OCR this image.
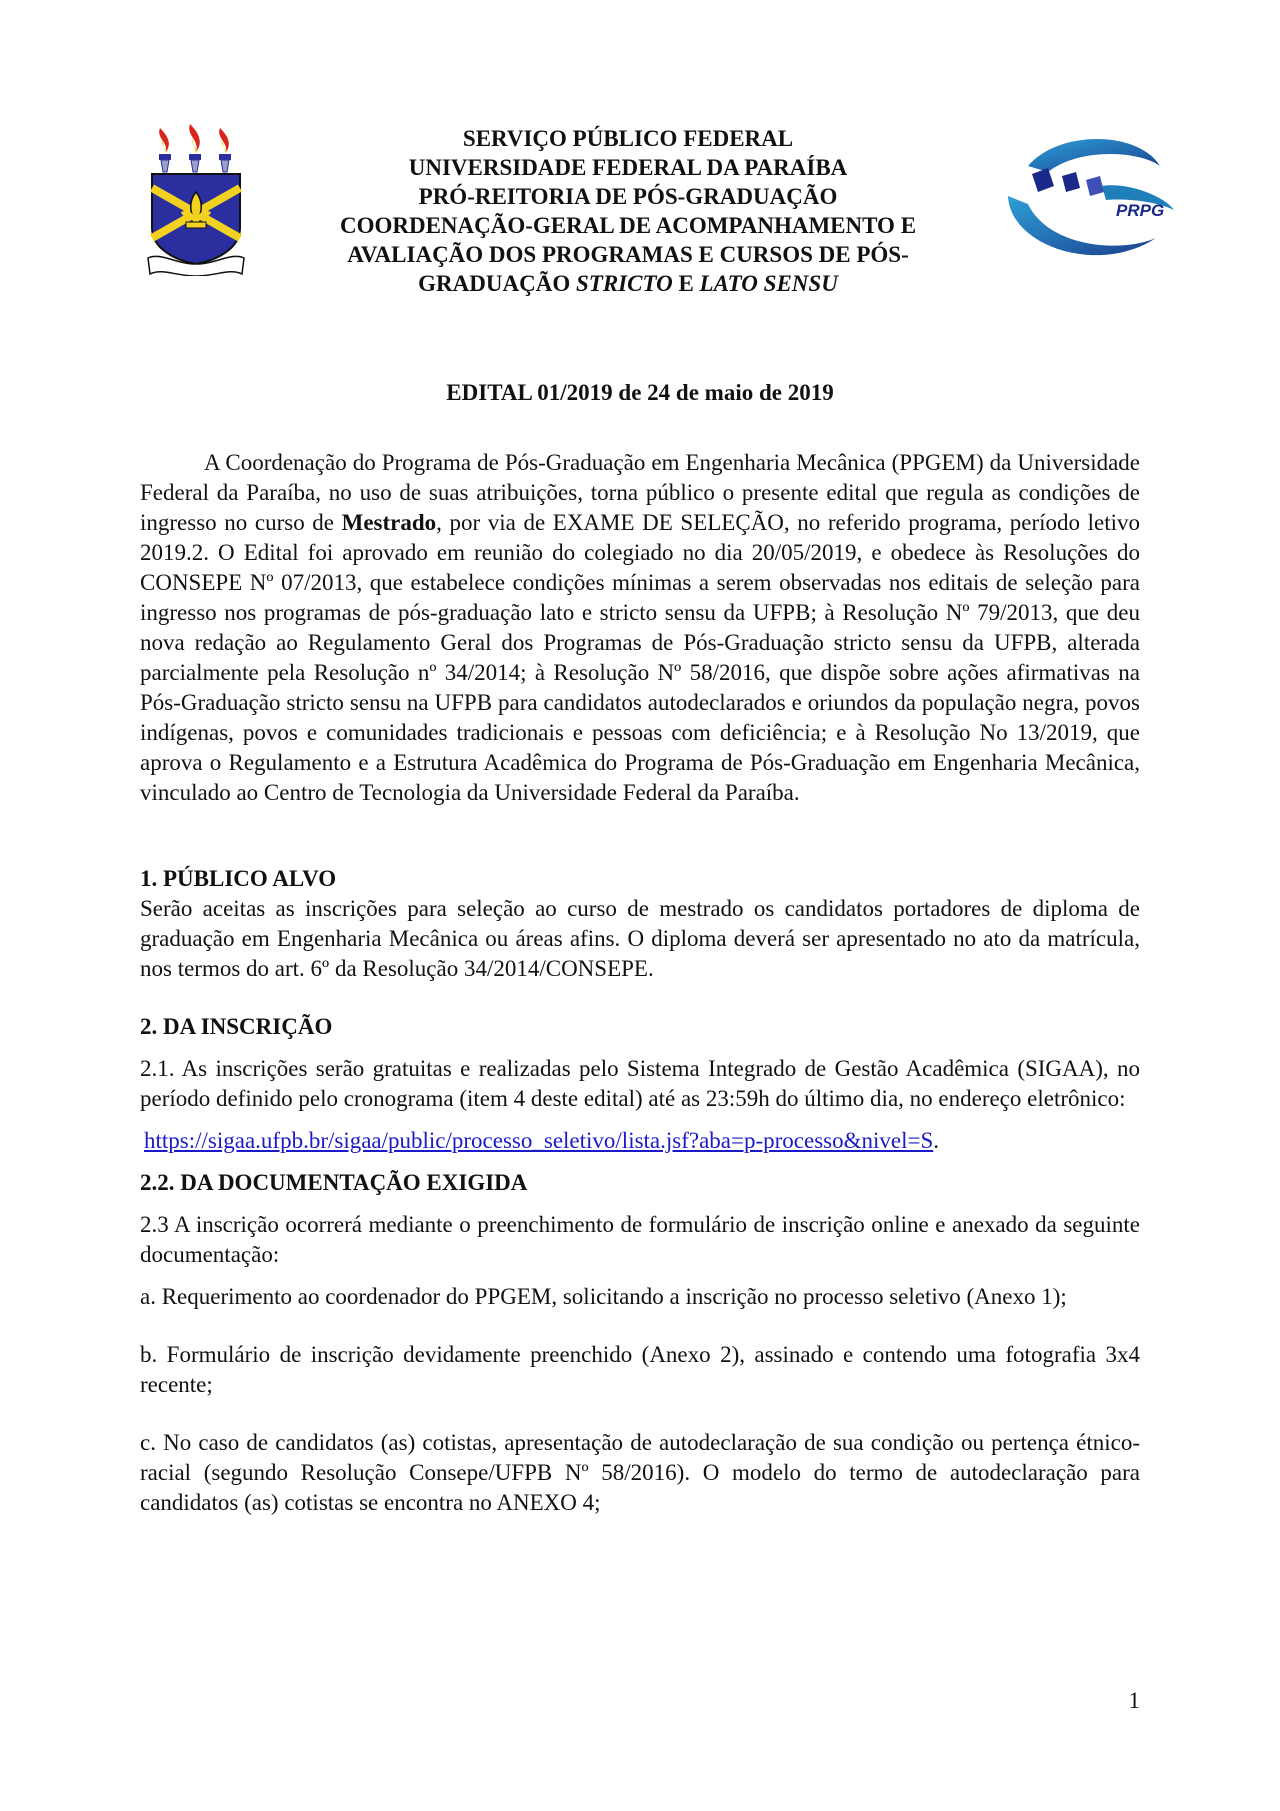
SERVIÇO PÚBLICO FEDERAL
UNIVERSIDADE FEDERAL DA PARAÍBA
PRÓ-REITORIA DE PÓS-GRADUAÇÃO
COORDENAÇÃO-GERAL DE ACOMPANHAMENTO E
AVALIAÇÃO DOS PROGRAMAS E CURSOS DE PÓS-
GRADUAÇÃO STRICTO E LATO SENSU
PRPG
EDITAL 01/2019 de 24 de maio de 2019

A Coordenação do Programa de Pós-Graduação em Engenharia Mecânica (PPGEM) da Universidade Federal da Paraíba, no uso de suas atribuições, torna público o presente edital que regula as condições de ingresso no curso de Mestrado, por via de EXAME DE SELEÇÃO, no referido programa, período letivo 2019.2. O Edital foi aprovado em reunião do colegiado no dia 20/05/2019, e obedece às Resoluções do CONSEPE Nº 07/2013, que estabelece condições mínimas a serem observadas nos editais de seleção para ingresso nos programas de pós-graduação lato e stricto sensu da UFPB; à Resolução Nº 79/2013, que deu nova redação ao Regulamento Geral dos Programas de Pós-Graduação stricto sensu da UFPB, alterada parcialmente pela Resolução nº 34/2014; à Resolução Nº 58/2016, que dispõe sobre ações afirmativas na Pós-Graduação stricto sensu na UFPB para candidatos autodeclarados e oriundos da população negra, povos indígenas, povos e comunidades tradicionais e pessoas com deficiência; e à Resolução No 13/2019, que aprova o Regulamento e a Estrutura Acadêmica do Programa de Pós-Graduação em Engenharia Mecânica, vinculado ao Centro de Tecnologia da Universidade Federal da Paraíba.

1. PÚBLICO ALVO

Serão aceitas as inscrições para seleção ao curso de mestrado os candidatos portadores de diploma de graduação em Engenharia Mecânica ou áreas afins. O diploma deverá ser apresentado no ato da matrícula, nos termos do art. 6º da Resolução 34/2014/CONSEPE.

2. DA INSCRIÇÃO

2.1. As inscrições serão gratuitas e realizadas pelo Sistema Integrado de Gestão Acadêmica (SIGAA), no período definido pelo cronograma (item 4 deste edital) até as 23:59h do último dia, no endereço eletrônico:

https://sigaa.ufpb.br/sigaa/public/processo_seletivo/lista.jsf?aba=p-processo&nivel=S.

2.2. DA DOCUMENTAÇÃO EXIGIDA

2.3 A inscrição ocorrerá mediante o preenchimento de formulário de inscrição online e anexado da seguinte documentação:

a. Requerimento ao coordenador do PPGEM, solicitando a inscrição no processo seletivo (Anexo 1);

b. Formulário de inscrição devidamente preenchido (Anexo 2), assinado e contendo uma fotografia 3x4 recente;

c. No caso de candidatos (as) cotistas, apresentação de autodeclaração de sua condição ou pertença étnico-racial (segundo Resolução Consepe/UFPB Nº 58/2016). O modelo do termo de autodeclaração para candidatos (as) cotistas se encontra no ANEXO 4;

1
